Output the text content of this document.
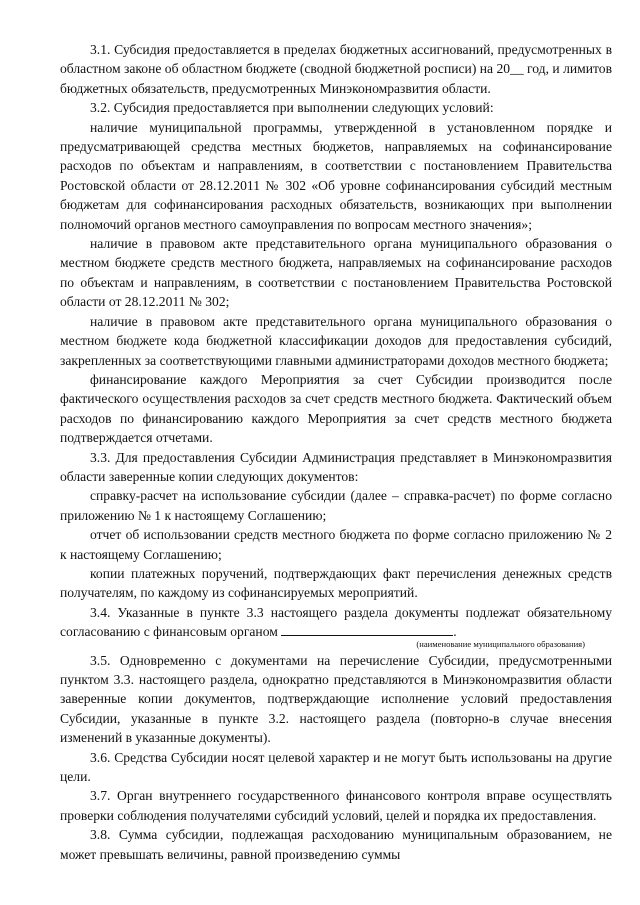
3.1. Субсидия предоставляется в пределах бюджетных ассигнований, предусмотренных в областном законе об областном бюджете (сводной бюджетной росписи) на 20__ год, и лимитов бюджетных обязательств, предусмотренных Минэкономразвития области.

3.2. Субсидия предоставляется при выполнении следующих условий:

наличие муниципальной программы, утвержденной в установленном порядке и предусматривающей средства местных бюджетов, направляемых на софинансирование расходов по объектам и направлениям, в соответствии с постановлением Правительства Ростовской области от 28.12.2011 № 302 «Об уровне софинансирования субсидий местным бюджетам для софинансирования расходных обязательств, возникающих при выполнении полномочий органов местного самоуправления по вопросам местного значения»;

наличие в правовом акте представительного органа муниципального образования о местном бюджете средств местного бюджета, направляемых на софинансирование расходов по объектам и направлениям, в соответствии с постановлением Правительства Ростовской области от 28.12.2011 № 302;

наличие в правовом акте представительного органа муниципального образования о местном бюджете кода бюджетной классификации доходов для предоставления субсидий, закрепленных за соответствующими главными администраторами доходов местного бюджета;

финансирование каждого Мероприятия за счет Субсидии производится после фактического осуществления расходов за счет средств местного бюджета. Фактический объем расходов по финансированию каждого Мероприятия за счет средств местного бюджета подтверждается отчетами.

3.3. Для предоставления Субсидии Администрация представляет в Минэкономразвития области заверенные копии следующих документов:

справку-расчет на использование субсидии (далее – справка-расчет) по форме согласно приложению № 1 к настоящему Соглашению;

отчет об использовании средств местного бюджета по форме согласно приложению № 2 к настоящему Соглашению;

копии платежных поручений, подтверждающих факт перечисления денежных средств получателям, по каждому из софинансируемых мероприятий.

3.4. Указанные в пункте 3.3 настоящего раздела документы подлежат обязательному согласованию с финансовым органом	.

(наименование муниципального образования)

3.5. Одновременно с документами на перечисление Субсидии, предусмотренными пунктом 3.3. настоящего раздела, однократно представляются в Минэкономразвития области заверенные копии документов, подтверждающие исполнение условий предоставления Субсидии, указанные в пункте 3.2. настоящего раздела (повторно-в случае внесения изменений в указанные документы).

3.6. Средства Субсидии носят целевой характер и не могут быть использованы на другие цели.

3.7. Орган внутреннего государственного финансового контроля вправе осуществлять проверки соблюдения получателями субсидий условий, целей и порядка их предоставления.

3.8. Сумма субсидии, подлежащая расходованию муниципальным образованием, не может превышать величины, равной произведению суммы
